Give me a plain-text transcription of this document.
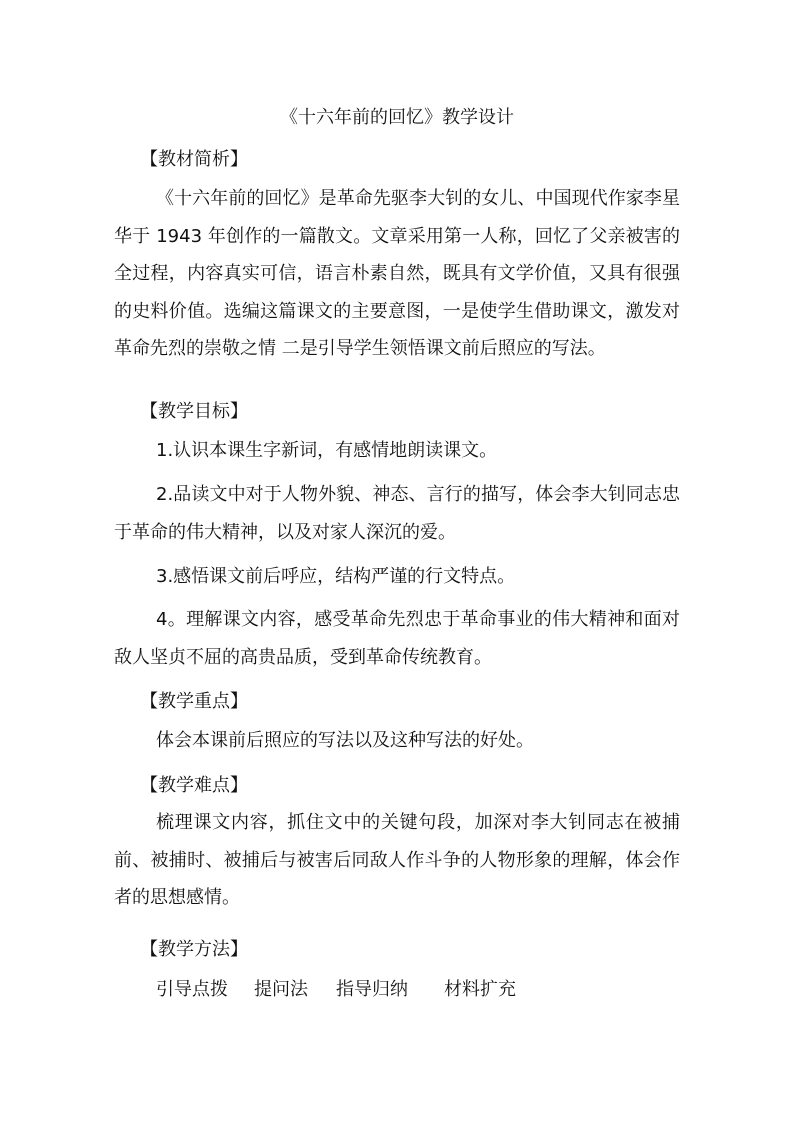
《十六年前的回忆》教学设计
【教材简析】

《十六年前的回忆》是革命先驱李大钊的女儿、中国现代作家李星华于 1943 年创作的一篇散文。文章采用第一人称，回忆了父亲被害的全过程，内容真实可信，语言朴素自然，既具有文学价值，又具有很强的史料价值。选编这篇课文的主要意图，一是使学生借助课文，激发对革命先烈的崇敬之情 二是引导学生领悟课文前后照应的写法。

【教学目标】

1.认识本课生字新词，有感情地朗读课文。

2.品读文中对于人物外貌、神态、言行的描写，体会李大钊同志忠于革命的伟大精神，以及对家人深沉的爱。

3.感悟课文前后呼应，结构严谨的行文特点。

4。理解课文内容，感受革命先烈忠于革命事业的伟大精神和面对敌人坚贞不屈的高贵品质，受到革命传统教育。

【教学重点】

体会本课前后照应的写法以及这种写法的好处。

【教学难点】

梳理课文内容，抓住文中的关键句段，加深对李大钊同志在被捕前、被捕时、被捕后与被害后同敌人作斗争的人物形象的理解，体会作者的思想感情。

【教学方法】
引导点拨 提问法 指导归纳 材料扩充
